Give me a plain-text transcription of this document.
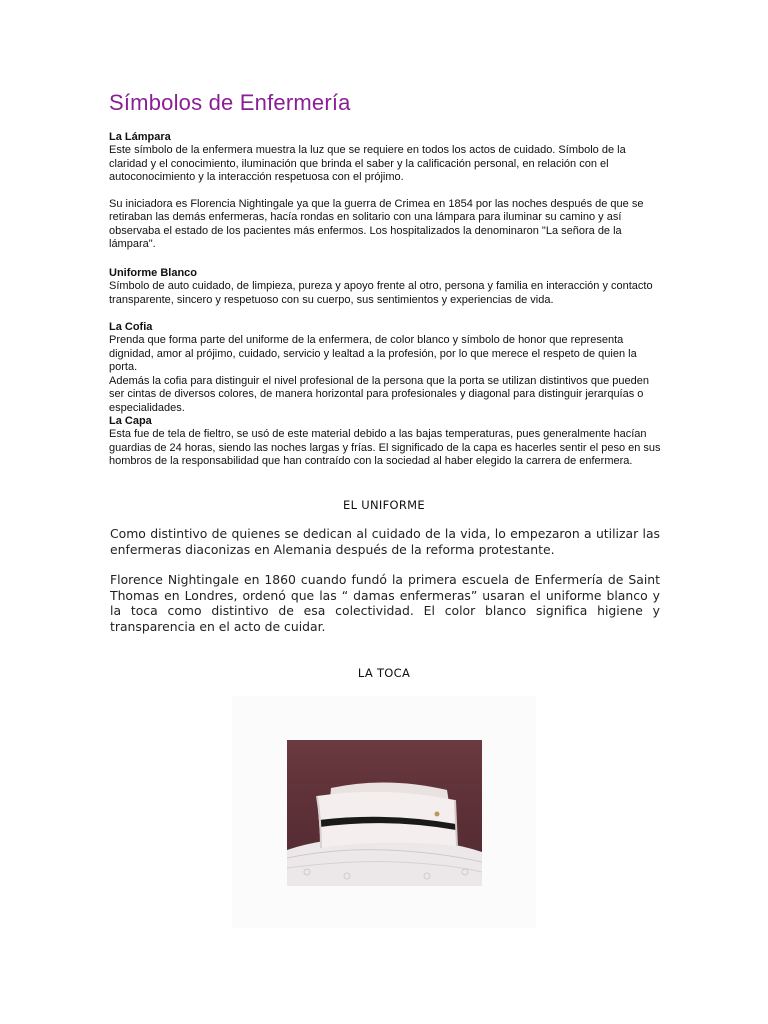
Símbolos de Enfermería

La Lámpara

Este símbolo de la enfermera muestra la luz que se requiere en todos los actos de cuidado. Símbolo de la claridad y el conocimiento, iluminación que brinda el saber y la calificación personal, en relación con el autoconocimiento y la interacción respetuosa con el prójimo.

Su iniciadora es Florencia Nightingale ya que la guerra de Crimea en 1854 por las noches después de que se retiraban las demás enfermeras, hacía rondas en solitario con una lámpara para iluminar su camino y así observaba el estado de los pacientes más enfermos. Los hospitalizados la denominaron "La señora de la lámpara".

Uniforme Blanco

Símbolo de auto cuidado, de limpieza, pureza y apoyo frente al otro, persona y familia en interacción y contacto transparente, sincero y respetuoso con su cuerpo, sus sentimientos y experiencias de vida.

La Cofia

Prenda que forma parte del uniforme de la enfermera, de color blanco y símbolo de honor que representa dignidad, amor al prójimo, cuidado, servicio y lealtad a la profesión, por lo que merece el respeto de quien la porta.

Además la cofia para distinguir el nivel profesional de la persona que la porta se utilizan distintivos que pueden ser cintas de diversos colores, de manera horizontal para profesionales y diagonal para distinguir jerarquías o especialidades.

La Capa

Esta fue de tela de fieltro, se usó de este material debido a las bajas temperaturas, pues generalmente hacían guardias de 24 horas, siendo las noches largas y frías. El significado de la capa es hacerles sentir el peso en sus hombros de la responsabilidad que han contraído con la sociedad al haber elegido la carrera de enfermera.

EL UNIFORME

Como distintivo de quienes se dedican al cuidado de la vida, lo empezaron a utilizar las enfermeras diaconizas en Alemania después de la reforma protestante.

Florence Nightingale en 1860 cuando fundó la primera escuela de Enfermería de Saint Thomas en Londres, ordenó que las “ damas enfermeras” usaran el uniforme blanco y la toca como distintivo de esa colectividad. El color blanco significa higiene y transparencia en el acto de cuidar.

LA TOCA
